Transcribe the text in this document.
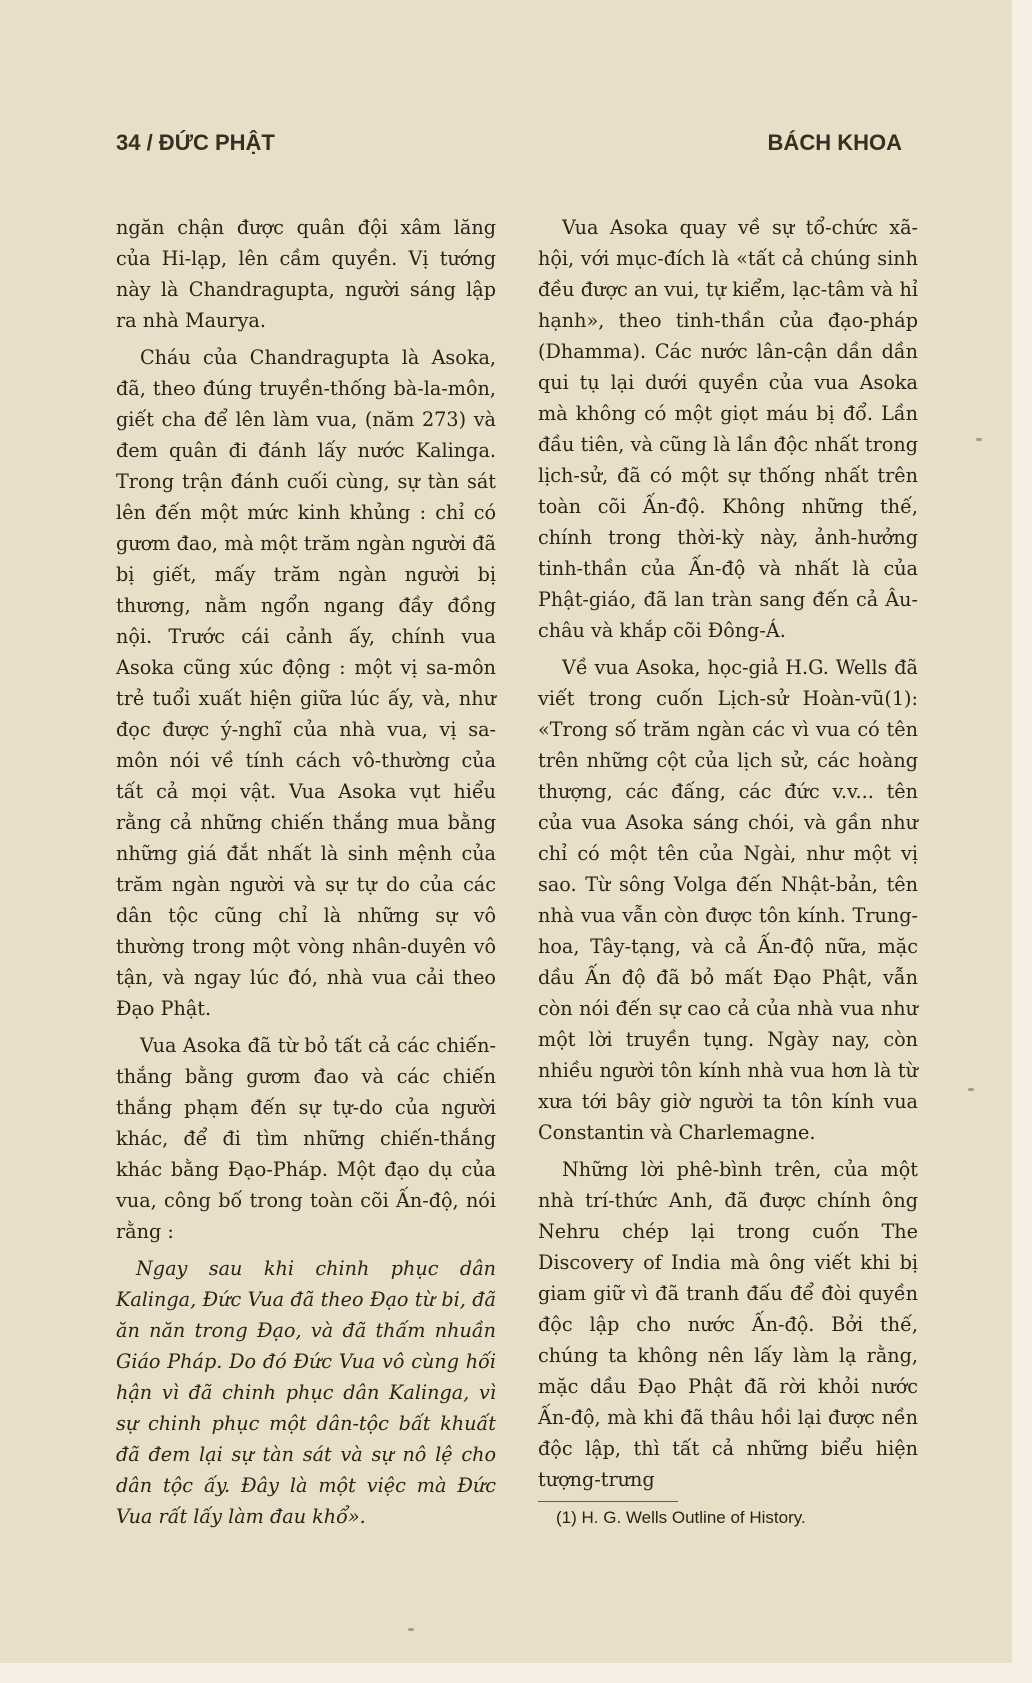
34 / ĐỨC PHẬT	BÁCH KHOA

ngăn chận được quân đội xâm lăng của Hi-lạp, lên cầm quyền. Vị tướng này là Chandragupta, người sáng lập ra nhà Maurya.

Cháu của Chandragupta là Asoka, đã, theo đúng truyền-thống bà-la-môn, giết cha để lên làm vua, (năm 273) và đem quân đi đánh lấy nước Kalinga. Trong trận đánh cuối cùng, sự tàn sát lên đến một mức kinh khủng : chỉ có gươm đao, mà một trăm ngàn người đã bị giết, mấy trăm ngàn người bị thương, nằm ngổn ngang đầy đồng nội. Trước cái cảnh ấy, chính vua Asoka cũng xúc động : một vị sa-môn trẻ tuổi xuất hiện giữa lúc ấy, và, như đọc được ý-nghĩ của nhà vua, vị sa-môn nói về tính cách vô-thường của tất cả mọi vật. Vua Asoka vụt hiểu rằng cả những chiến thắng mua bằng những giá đắt nhất là sinh mệnh của trăm ngàn người và sự tự do của các dân tộc cũng chỉ là những sự vô thường trong một vòng nhân-duyên vô tận, và ngay lúc đó, nhà vua cải theo Đạo Phật.

Vua Asoka đã từ bỏ tất cả các chiến-thắng bằng gươm đao và các chiến thắng phạm đến sự tự-do của người khác, để đi tìm những chiến-thắng khác bằng Đạo-Pháp. Một đạo dụ của vua, công bố trong toàn cõi Ấn-độ, nói rằng :

Ngay sau khi chinh phục dân Kalinga, Đức Vua đã theo Đạo từ bi, đã ăn năn trong Đạo, và đã thấm nhuần Giáo Pháp. Do đó Đức Vua vô cùng hối hận vì đã chinh phục dân Kalinga, vì sự chinh phục một dân-tộc bất khuất đã đem lại sự tàn sát và sự nô lệ cho dân tộc ấy. Đây là một việc mà Đức Vua rất lấy làm đau khổ».

Vua Asoka quay về sự tổ-chức xã-hội, với mục-đích là «tất cả chúng sinh đều được an vui, tự kiểm, lạc-tâm và hỉ hạnh», theo tinh-thần của đạo-pháp (Dhamma). Các nước lân-cận dần dần qui tụ lại dưới quyền của vua Asoka mà không có một giọt máu bị đổ. Lần đầu tiên, và cũng là lần độc nhất trong lịch-sử, đã có một sự thống nhất trên toàn cõi Ấn-độ. Không những thế, chính trong thời-kỳ này, ảnh-hưởng tinh-thần của Ấn-độ và nhất là của Phật-giáo, đã lan tràn sang đến cả Âu-châu và khắp cõi Đông-Á.

Về vua Asoka, học-giả H.G. Wells đã viết trong cuốn Lịch-sử Hoàn-vũ(1): «Trong số trăm ngàn các vì vua có tên trên những cột của lịch sử, các hoàng thượng, các đấng, các đức v.v... tên của vua Asoka sáng chói, và gần như chỉ có một tên của Ngài, như một vị sao. Từ sông Volga đến Nhật-bản, tên nhà vua vẫn còn được tôn kính. Trung-hoa, Tây-tạng, và cả Ấn-độ nữa, mặc dầu Ấn độ đã bỏ mất Đạo Phật, vẫn còn nói đến sự cao cả của nhà vua như một lời truyền tụng. Ngày nay, còn nhiều người tôn kính nhà vua hơn là từ xưa tới bây giờ người ta tôn kính vua Constantin và Charlemagne.

Những lời phê-bình trên, của một nhà trí-thức Anh, đã được chính ông Nehru chép lại trong cuốn The Discovery of India mà ông viết khi bị giam giữ vì đã tranh đấu để đòi quyền độc lập cho nước Ấn-độ. Bởi thế, chúng ta không nên lấy làm lạ rằng, mặc dầu Đạo Phật đã rời khỏi nước Ấn-độ, mà khi đã thâu hồi lại được nền độc lập, thì tất cả những biểu hiện tượng-trưng

(1) H. G. Wells Outline of History.
